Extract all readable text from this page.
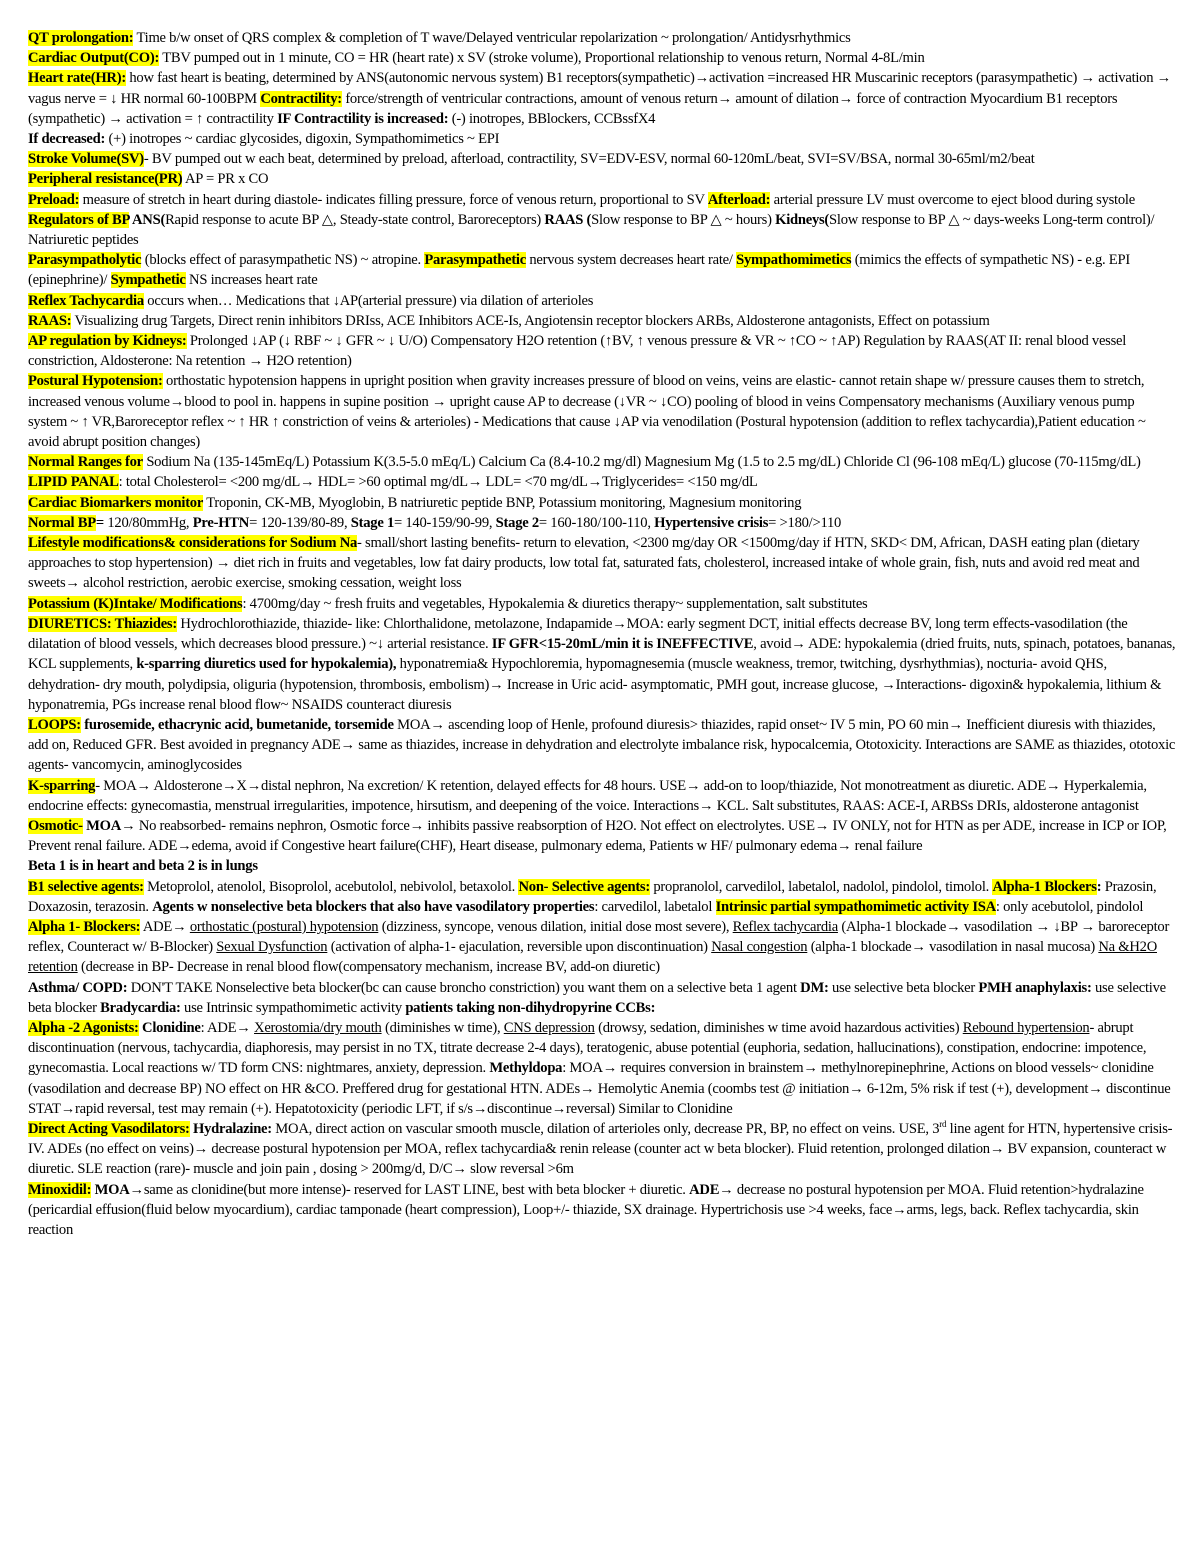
QT prolongation: Time b/w onset of QRS complex & completion of T wave/Delayed ventricular repolarization ~ prolongation/ Antidysrhythmics
Cardiac Output(CO): TBV pumped out in 1 minute, CO = HR (heart rate) x SV (stroke volume), Proportional relationship to venous return, Normal 4-8L/min
Heart rate(HR): how fast heart is beating, determined by ANS(autonomic nervous system) B1 receptors(sympathetic)→activation =increased HR Muscarinic receptors (parasympathetic) → activation → vagus nerve = ↓ HR normal 60-100BPM Contractility: force/strength of ventricular contractions, amount of venous return→ amount of dilation→ force of contraction Myocardium B1 receptors (sympathetic) → activation = ↑ contractility IF Contractility is increased: (-) inotropes, BBlockers, CCBssfX4
If decreased: (+) inotropes ~ cardiac glycosides, digoxin, Sympathomimetics ~ EPI
Stroke Volume(SV)- BV pumped out w each beat, determined by preload, afterload, contractility, SV=EDV-ESV, normal 60-120mL/beat, SVI=SV/BSA, normal 30-65ml/m2/beat
Peripheral resistance(PR) AP = PR x CO
Preload: measure of stretch in heart during diastole- indicates filling pressure, force of venous return, proportional to SV Afterload: arterial pressure LV must overcome to eject blood during systole
Regulators of BP ANS(Rapid response to acute BP △, Steady-state control, Baroreceptors) RAAS (Slow response to BP △ ~ hours) Kidneys(Slow response to BP △ ~ days-weeks Long-term control)/ Natriuretic peptides
Parasympatholytic (blocks effect of parasympathetic NS) ~ atropine. Parasympathetic nervous system decreases heart rate/ Sympathomimetics (mimics the effects of sympathetic NS) - e.g. EPI (epinephrine)/ Sympathetic NS increases heart rate
Reflex Tachycardia occurs when… Medications that ↓AP(arterial pressure) via dilation of arterioles
RAAS: Visualizing drug Targets, Direct renin inhibitors DRIss, ACE Inhibitors ACE-Is, Angiotensin receptor blockers ARBs, Aldosterone antagonists, Effect on potassium
AP regulation by Kidneys: Prolonged ↓AP (↓ RBF ~ ↓ GFR ~ ↓ U/O) Compensatory H2O retention (↑BV, ↑ venous pressure & VR ~ ↑CO ~ ↑AP) Regulation by RAAS(AT II: renal blood vessel constriction, Aldosterone: Na retention → H2O retention)
Postural Hypotension: orthostatic hypotension happens in upright position when gravity increases pressure of blood on veins, veins are elastic- cannot retain shape w/ pressure causes them to stretch, increased venous volume→blood to pool in. happens in supine position → upright cause AP to decrease (↓VR ~ ↓CO) pooling of blood in veins Compensatory mechanisms (Auxiliary venous pump system ~ ↑ VR,Baroreceptor reflex ~ ↑ HR ↑ constriction of veins & arterioles) - Medications that cause ↓AP via venodilation (Postural hypotension (addition to reflex tachycardia),Patient education ~ avoid abrupt position changes)
Normal Ranges for Sodium Na (135-145mEq/L) Potassium K(3.5-5.0 mEq/L) Calcium Ca (8.4-10.2 mg/dl) Magnesium Mg (1.5 to 2.5 mg/dL) Chloride Cl (96-108 mEq/L) glucose (70-115mg/dL) LIPID PANAL: total Cholesterol= <200 mg/dL→ HDL= >60 optimal mg/dL→ LDL= <70 mg/dL→Triglycerides= <150 mg/dL
Cardiac Biomarkers monitor Troponin, CK-MB, Myoglobin, B natriuretic peptide BNP, Potassium monitoring, Magnesium monitoring
Normal BP= 120/80mmHg, Pre-HTN= 120-139/80-89, Stage 1= 140-159/90-99, Stage 2= 160-180/100-110, Hypertensive crisis= >180/>110
Lifestyle modifications& considerations for Sodium Na- small/short lasting benefits- return to elevation, <2300 mg/day OR <1500mg/day if HTN, SKD< DM, African, DASH eating plan (dietary approaches to stop hypertension) → diet rich in fruits and vegetables, low fat dairy products, low total fat, saturated fats, cholesterol, increased intake of whole grain, fish, nuts and avoid red meat and sweets→ alcohol restriction, aerobic exercise, smoking cessation, weight loss
Potassium (K)Intake/ Modifications: 4700mg/day ~ fresh fruits and vegetables, Hypokalemia & diuretics therapy~ supplementation, salt substitutes
DIURETICS: Thiazides: Hydrochlorothiazide, thiazide- like: Chlorthalidone, metolazone, Indapamide→MOA: early segment DCT, initial effects decrease BV, long term effects-vasodilation (the dilatation of blood vessels, which decreases blood pressure.) ~↓ arterial resistance. IF GFR<15-20mL/min it is INEFFECTIVE, avoid→ ADE: hypokalemia (dried fruits, nuts, spinach, potatoes, bananas, KCL supplements, k-sparring diuretics used for hypokalemia), hyponatremia& Hypochloremia, hypomagnesemia (muscle weakness, tremor, twitching, dysrhythmias), nocturia- avoid QHS, dehydration- dry mouth, polydipsia, oliguria (hypotension, thrombosis, embolism)→ Increase in Uric acid- asymptomatic, PMH gout, increase glucose, →Interactions- digoxin& hypokalemia, lithium & hyponatremia, PGs increase renal blood flow~ NSAIDS counteract diuresis
LOOPS: furosemide, ethacrynic acid, bumetanide, torsemide MOA→ ascending loop of Henle, profound diuresis> thiazides, rapid onset~ IV 5 min, PO 60 min→ Inefficient diuresis with thiazides, add on, Reduced GFR. Best avoided in pregnancy ADE→ same as thiazides, increase in dehydration and electrolyte imbalance risk, hypocalcemia, Ototoxicity. Interactions are SAME as thiazides, ototoxic agents- vancomycin, aminoglycosides
K-sparring- MOA→ Aldosterone→X→distal nephron, Na excretion/ K retention, delayed effects for 48 hours. USE→ add-on to loop/thiazide, Not monotreatment as diuretic. ADE→ Hyperkalemia, endocrine effects: gynecomastia, menstrual irregularities, impotence, hirsutism, and deepening of the voice. Interactions→ KCL. Salt substitutes, RAAS: ACE-I, ARBSs DRIs, aldosterone antagonist
Osmotic- MOA→ No reabsorbed- remains nephron, Osmotic force→ inhibits passive reabsorption of H2O. Not effect on electrolytes. USE→ IV ONLY, not for HTN as per ADE, increase in ICP or IOP, Prevent renal failure. ADE→edema, avoid if Congestive heart failure(CHF), Heart disease, pulmonary edema, Patients w HF/ pulmonary edema→ renal failure
Beta 1 is in heart and beta 2 is in lungs
B1 selective agents: Metoprolol, atenolol, Bisoprolol, acebutolol, nebivolol, betaxolol. Non- Selective agents: propranolol, carvedilol, labetalol, nadolol, pindolol, timolol. Alpha-1 Blockers: Prazosin, Doxazosin, terazosin. Agents w nonselective beta blockers that also have vasodilatory properties: carvedilol, labetalol Intrinsic partial sympathomimetic activity ISA: only acebutolol, pindolol
Alpha 1- Blockers: ADE→ orthostatic (postural) hypotension (dizziness, syncope, venous dilation, initial dose most severe), Reflex tachycardia (Alpha-1 blockade→ vasodilation → ↓BP → baroreceptor reflex, Counteract w/ B-Blocker) Sexual Dysfunction (activation of alpha-1- ejaculation, reversible upon discontinuation) Nasal congestion (alpha-1 blockade→ vasodilation in nasal mucosa) Na &H2O retention (decrease in BP- Decrease in renal blood flow(compensatory mechanism, increase BV, add-on diuretic)
Asthma/ COPD: DON'T TAKE Nonselective beta blocker(bc can cause broncho constriction) you want them on a selective beta 1 agent DM: use selective beta blocker PMH anaphylaxis: use selective beta blocker Bradycardia: use Intrinsic sympathomimetic activity patients taking non-dihydropyrine CCBs:
Alpha -2 Agonists: Clonidine: ADE→ Xerostomia/dry mouth (diminishes w time), CNS depression (drowsy, sedation, diminishes w time avoid hazardous activities) Rebound hypertension- abrupt discontinuation (nervous, tachycardia, diaphoresis, may persist in no TX, titrate decrease 2-4 days), teratogenic, abuse potential (euphoria, sedation, hallucinations), constipation, endocrine: impotence, gynecomastia. Local reactions w/ TD form CNS: nightmares, anxiety, depression. Methyldopa: MOA→ requires conversion in brainstem→ methylnorepinephrine, Actions on blood vessels~ clonidine (vasodilation and decrease BP) NO effect on HR &CO. Preffered drug for gestational HTN. ADEs→ Hemolytic Anemia (coombs test @ initiation→ 6-12m, 5% risk if test (+), development→ discontinue STAT→rapid reversal, test may remain (+). Hepatotoxicity (periodic LFT, if s/s→discontinue→reversal) Similar to Clonidine
Direct Acting Vasodilators: Hydralazine: MOA, direct action on vascular smooth muscle, dilation of arterioles only, decrease PR, BP, no effect on veins. USE, 3rd line agent for HTN, hypertensive crisis- IV. ADEs (no effect on veins)→ decrease postural hypotension per MOA, reflex tachycardia& renin release (counter act w beta blocker). Fluid retention, prolonged dilation→ BV expansion, counteract w diuretic. SLE reaction (rare)- muscle and join pain , dosing > 200mg/d, D/C→ slow reversal >6m
Minoxidil: MOA→same as clonidine(but more intense)- reserved for LAST LINE, best with beta blocker + diuretic. ADE→ decrease no postural hypotension per MOA. Fluid retention>hydralazine (pericardial effusion(fluid below myocardium), cardiac tamponade (heart compression), Loop+/- thiazide, SX drainage. Hypertrichosis use >4 weeks, face→arms, legs, back. Reflex tachycardia, skin reaction
